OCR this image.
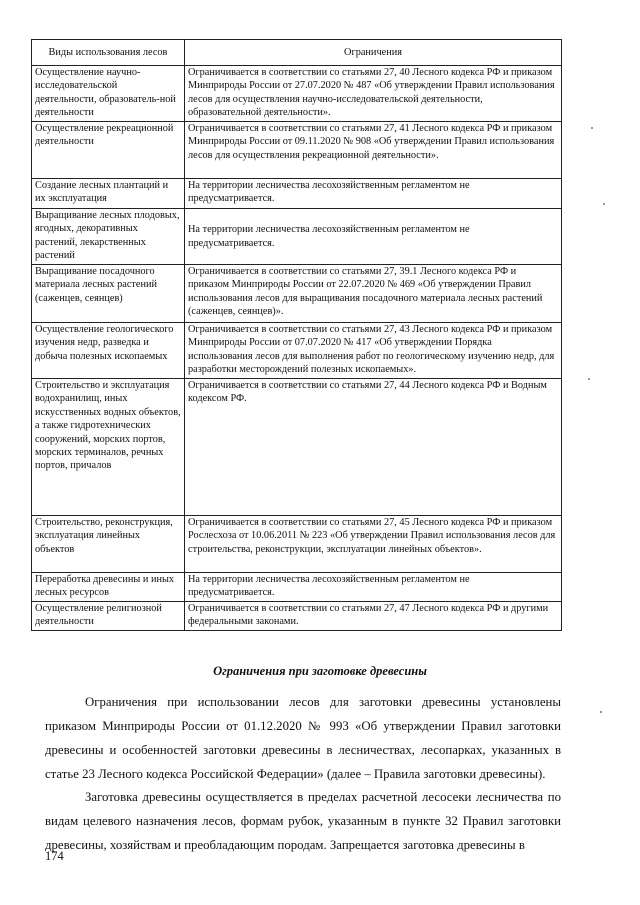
Виды использования лесов	Ограничения
Осуществление научно-исследовательской деятельности, образователь-ной деятельности	Ограничивается в соответствии со статьями 27, 40 Лесного кодекса РФ и приказом Минприроды России от 27.07.2020 № 487 «Об утверждении Правил использования лесов для осуществления научно-исследовательской деятельности, образовательной деятельности».
Осуществление рекреационной деятельности	Ограничивается в соответствии со статьями 27, 41 Лесного кодекса РФ и приказом Минприроды России от 09.11.2020 № 908 «Об утверждении Правил использования лесов для осуществления рекреационной деятельности».
Создание лесных плантаций и их эксплуатация	На территории лесничества лесохозяйственным регламентом не предусматривается.
Выращивание лесных плодовых, ягодных, декоративных растений, лекарственных растений	На территории лесничества лесохозяйственным регламентом не предусматривается.
Выращивание посадочного материала лесных растений (саженцев, сеянцев)	Ограничивается в соответствии со статьями 27, 39.1 Лесного кодекса РФ и приказом Минприроды России от 22.07.2020 № 469 «Об утверждении Правил использования лесов для выращивания посадочного материала лесных растений (саженцев, сеянцев)».
Осуществление геологического изучения недр, разведка и добыча полезных ископаемых	Ограничивается в соответствии со статьями 27, 43 Лесного кодекса РФ и приказом Минприроды России от 07.07.2020 № 417 «Об утверждении Порядка использования лесов для выполнения работ по геологическому изучению недр, для разработки месторождений полезных ископаемых».
Строительство и эксплуатация водохранилищ, иных искусственных водных объектов, а также гидротехнических сооружений, морских портов, морских терминалов, речных портов, причалов	Ограничивается в соответствии со статьями 27, 44 Лесного кодекса РФ и Водным кодексом РФ.
Строительство, реконструкция, эксплуатация линейных объектов	Ограничивается в соответствии со статьями 27, 45 Лесного кодекса РФ и приказом Рослесхоза от 10.06.2011 № 223 «Об утверждении Правил использования лесов для строительства, реконструкции, эксплуатации линейных объектов».
Переработка древесины и иных лесных ресурсов	На территории лесничества лесохозяйственным регламентом не предусматривается.
Осуществление религиозной деятельности	Ограничивается в соответствии со статьями 27, 47 Лесного кодекса РФ и другими федеральными законами.
Ограничения при заготовке древесины

Ограничения при использовании лесов для заготовки древесины установлены приказом Минприроды России от 01.12.2020 № 993 «Об утверждении Правил заготовки древесины и особенностей заготовки древесины в лесничествах, лесопарках, указанных в статье 23 Лесного кодекса Российской Федерации» (далее – Правила заготовки древесины).

Заготовка древесины осуществляется в пределах расчетной лесосеки лесничества по видам целевого назначения лесов, формам рубок, указанным в пункте 32 Правил заготовки древесины, хозяйствам и преобладающим породам. Запрещается заготовка древесины в

174
